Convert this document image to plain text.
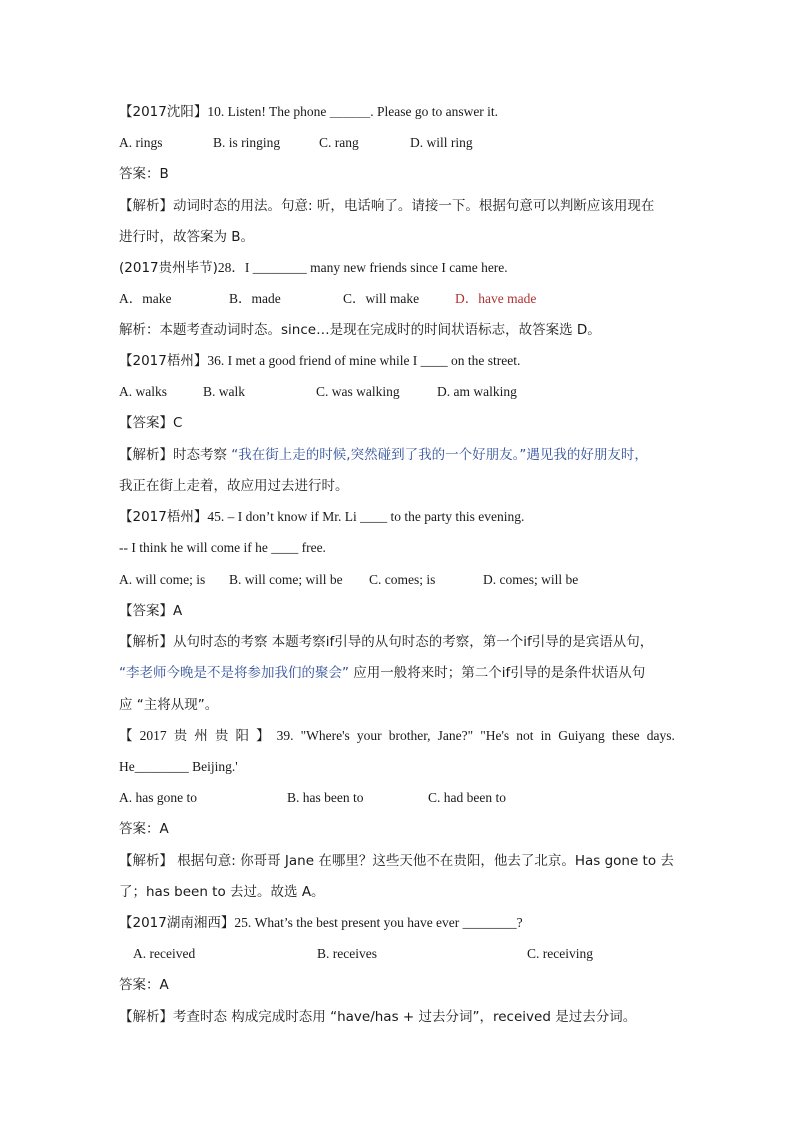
【2017沈阳】10. Listen! The phone ＿＿＿. Please go to answer it.
A. rings	B. is ringing	C. rang	D. will ring
答案：B
【解析】动词时态的用法。句意: 听，电话响了。请接一下。根据句意可以判断应该用现在
进行时，故答案为 B。
(2017贵州毕节)28．I ________ many new friends since I came here.
A．make	B．made	C．will make	D．have made
解析：本题考查动词时态。since…是现在完成时的时间状语标志，故答案选 D。
【2017梧州】36. I met a good friend of mine while I ____ on the street.
A. walks	B. walk	C. was walking	D. am walking
【答案】C
【解析】时态考察 “我在街上走的时候,突然碰到了我的一个好朋友。”遇见我的好朋友时，
我正在街上走着，故应用过去进行时。
【2017梧州】45. – I don’t know if Mr. Li ____ to the party this evening.
-- I think he will come if he ____ free.
A. will come; is B. will come; will be C. comes; is	D. comes; will be
【答案】A
【解析】从句时态的考察 本题考察if引导的从句时态的考察，第一个if引导的是宾语从句，
“李老师今晚是不是将参加我们的聚会” 应用一般将来时；第二个if引导的是条件状语从句
应 “主将从现”。
【 2017 贵 州 贵 阳 】 39. "Where's your brother, Jane?" "He's not in Guiyang these days.
He________ Beijing.'
A. has gone to	B. has been to	C. had been to
答案：A
【解析】 根据句意: 你哥哥 Jane 在哪里？这些天他不在贵阳，他去了北京。Has gone to 去
了；has been to 去过。故选 A。
【2017湖南湘西】25. What’s the best present you have ever ________?
A. received	B. receives	C. receiving
答案：A
【解析】考查时态 构成完成时态用 “have/has + 过去分词”，received 是过去分词。
